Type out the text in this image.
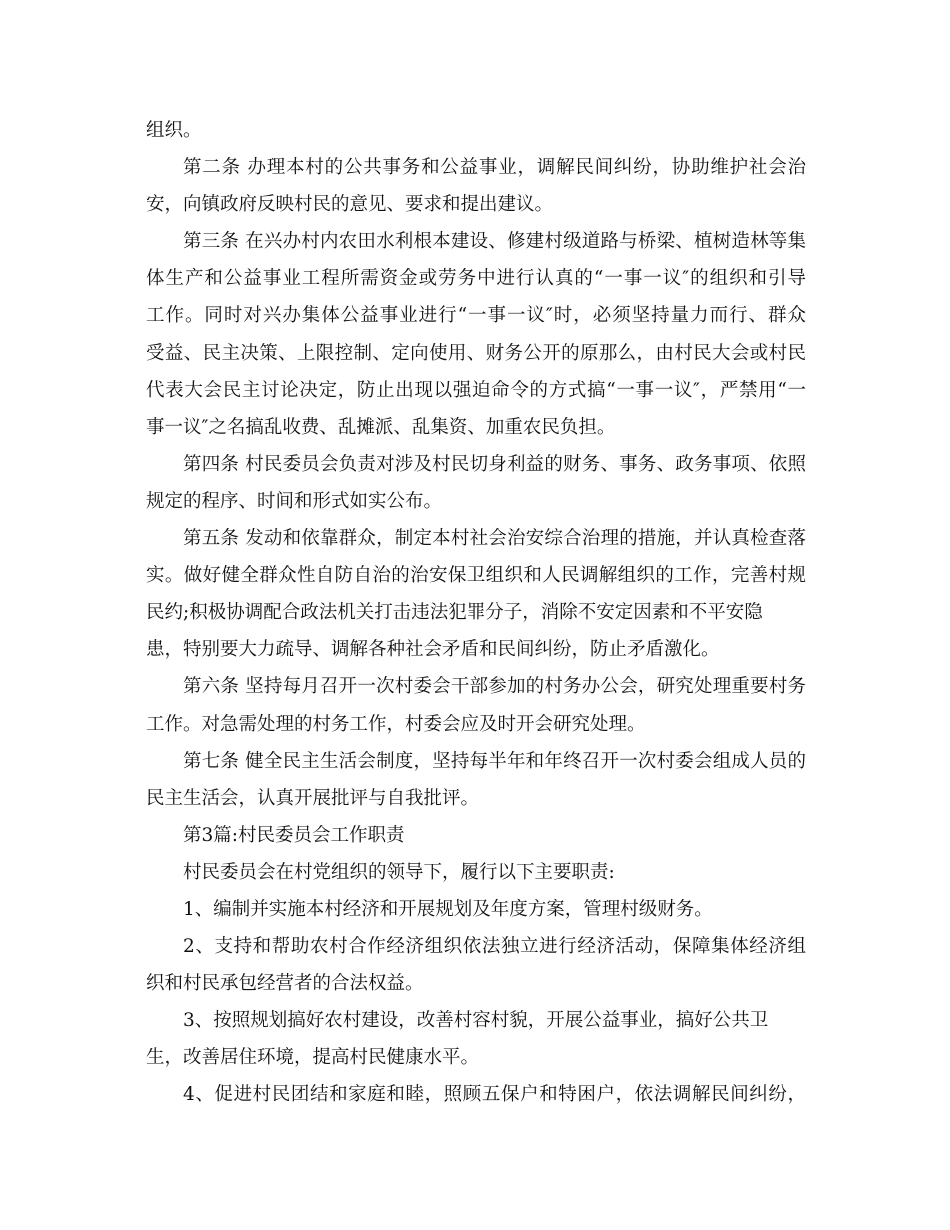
组织。
第二条 办理本村的公共事务和公益事业，调解民间纠纷，协助维护社会治
安，向镇政府反映村民的意见、要求和提出建议。
第三条 在兴办村内农田水利根本建设、修建村级道路与桥梁、植树造林等集
体生产和公益事业工程所需资金或劳务中进行认真的“一事一议″的组织和引导
工作。同时对兴办集体公益事业进行“一事一议″时，必须坚持量力而行、群众
受益、民主决策、上限控制、定向使用、财务公开的原那么，由村民大会或村民
代表大会民主讨论决定，防止出现以强迫命令的方式搞“一事一议″，严禁用“一
事一议″之名搞乱收费、乱摊派、乱集资、加重农民负担。
第四条 村民委员会负责对涉及村民切身利益的财务、事务、政务事项、依照
规定的程序、时间和形式如实公布。
第五条 发动和依靠群众，制定本村社会治安综合治理的措施，并认真检查落
实。做好健全群众性自防自治的治安保卫组织和人民调解组织的工作，完善村规
民约;积极协调配合政法机关打击违法犯罪分子，消除不安定因素和不平安隐
患，特别要大力疏导、调解各种社会矛盾和民间纠纷，防止矛盾激化。
第六条 坚持每月召开一次村委会干部参加的村务办公会，研究处理重要村务
工作。对急需处理的村务工作，村委会应及时开会研究处理。
第七条 健全民主生活会制度，坚持每半年和年终召开一次村委会组成人员的
民主生活会，认真开展批评与自我批评。
第3篇:村民委员会工作职责
村民委员会在村党组织的领导下，履行以下主要职责:
1、编制并实施本村经济和开展规划及年度方案，管理村级财务。
2、支持和帮助农村合作经济组织依法独立进行经济活动，保障集体经济组
织和村民承包经营者的合法权益。
3、按照规划搞好农村建设，改善村容村貌，开展公益事业，搞好公共卫
生，改善居住环境，提高村民健康水平。
4、促进村民团结和家庭和睦，照顾五保户和特困户，依法调解民间纠纷，
